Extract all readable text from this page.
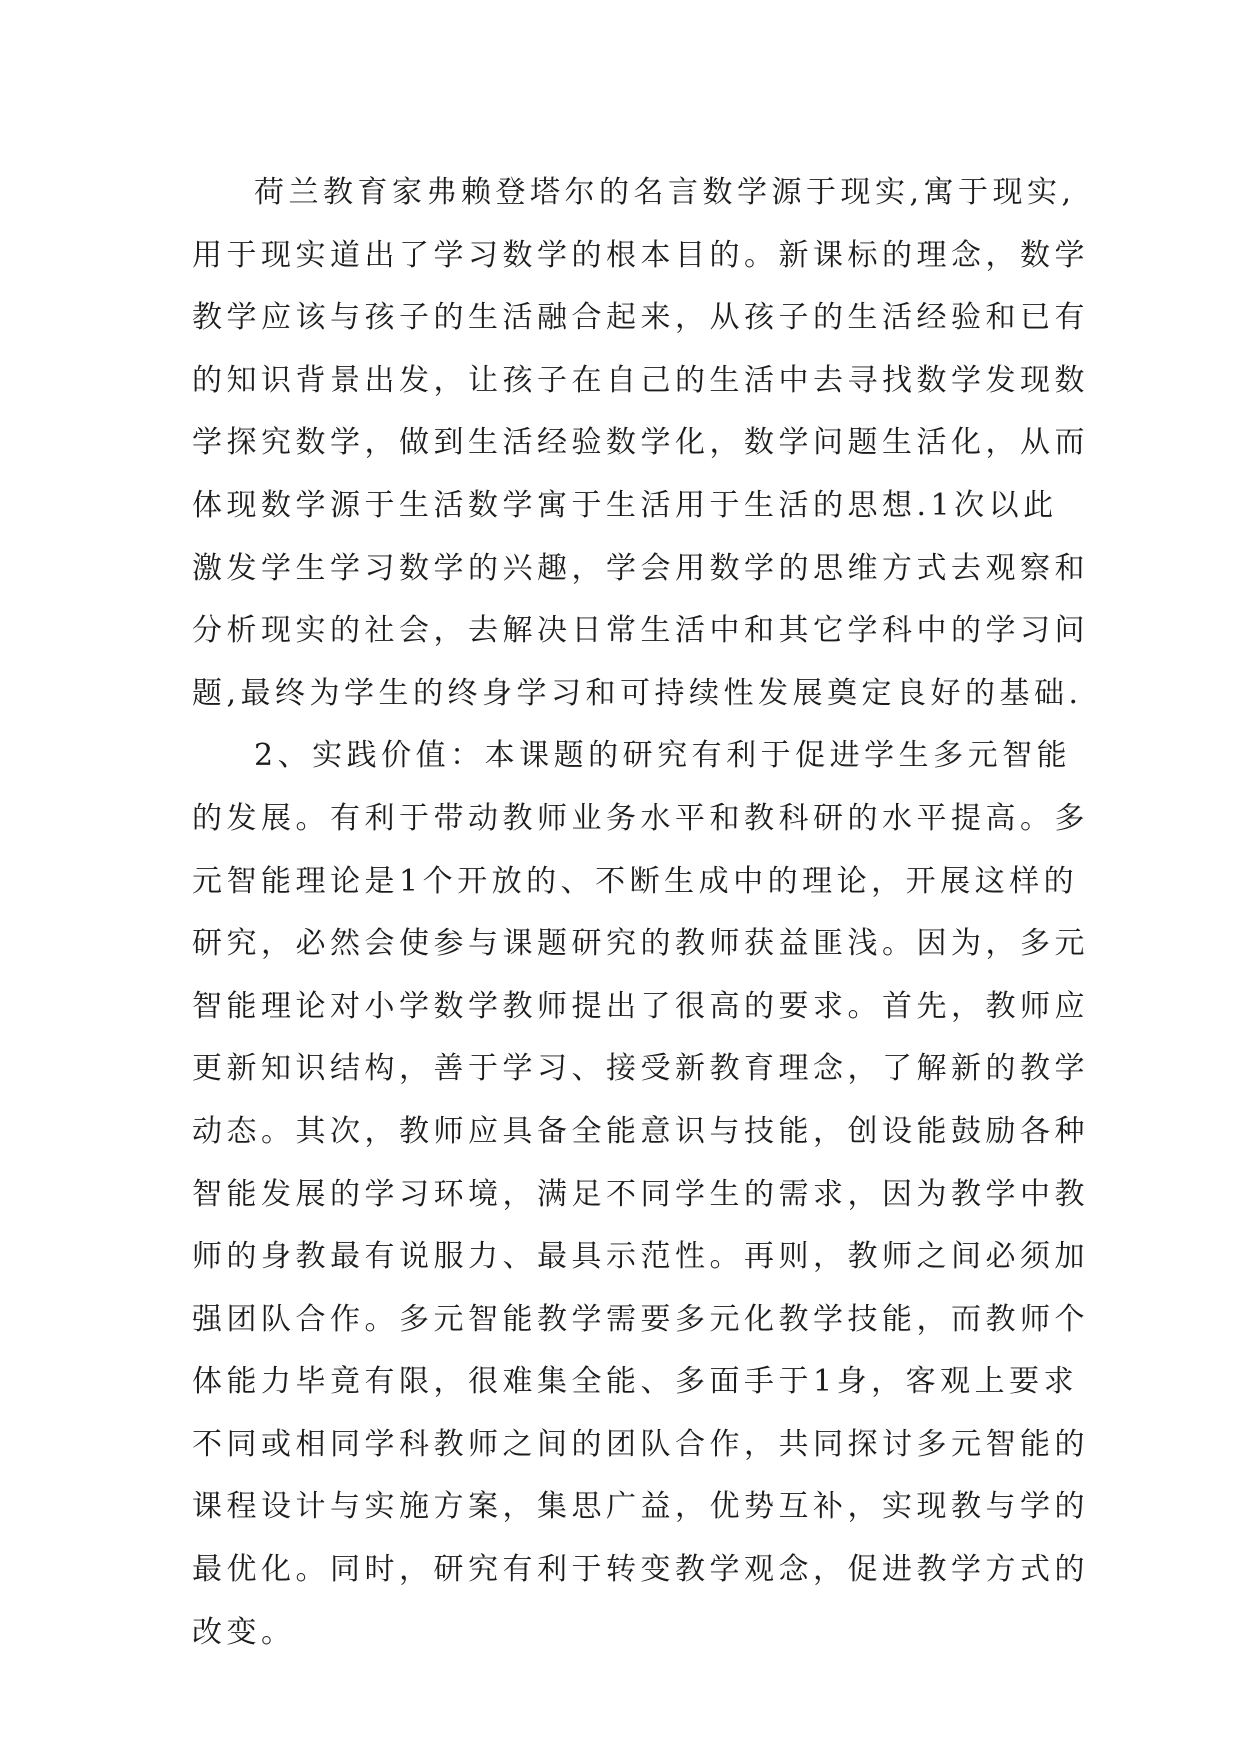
荷兰教育家弗赖登塔尔的名言数学源于现实,寓于现实,
用于现实道出了学习数学的根本目的。新课标的理念，数学
教学应该与孩子的生活融合起来，从孩子的生活经验和已有
的知识背景出发，让孩子在自己的生活中去寻找数学发现数
学探究数学，做到生活经验数学化，数学问题生活化，从而
体现数学源于生活数学寓于生活用于生活的思想.1次以此
激发学生学习数学的兴趣，学会用数学的思维方式去观察和
分析现实的社会，去解决日常生活中和其它学科中的学习问
题,最终为学生的终身学习和可持续性发展奠定良好的基础.
2、实践价值：本课题的研究有利于促进学生多元智能
的发展。有利于带动教师业务水平和教科研的水平提高。多
元智能理论是1个开放的、不断生成中的理论，开展这样的
研究，必然会使参与课题研究的教师获益匪浅。因为，多元
智能理论对小学数学教师提出了很高的要求。首先，教师应
更新知识结构，善于学习、接受新教育理念，了解新的教学
动态。其次，教师应具备全能意识与技能，创设能鼓励各种
智能发展的学习环境，满足不同学生的需求，因为教学中教
师的身教最有说服力、最具示范性。再则，教师之间必须加
强团队合作。多元智能教学需要多元化教学技能，而教师个
体能力毕竟有限，很难集全能、多面手于1身，客观上要求
不同或相同学科教师之间的团队合作，共同探讨多元智能的
课程设计与实施方案，集思广益，优势互补，实现教与学的
最优化。同时，研究有利于转变教学观念，促进教学方式的
改变。
